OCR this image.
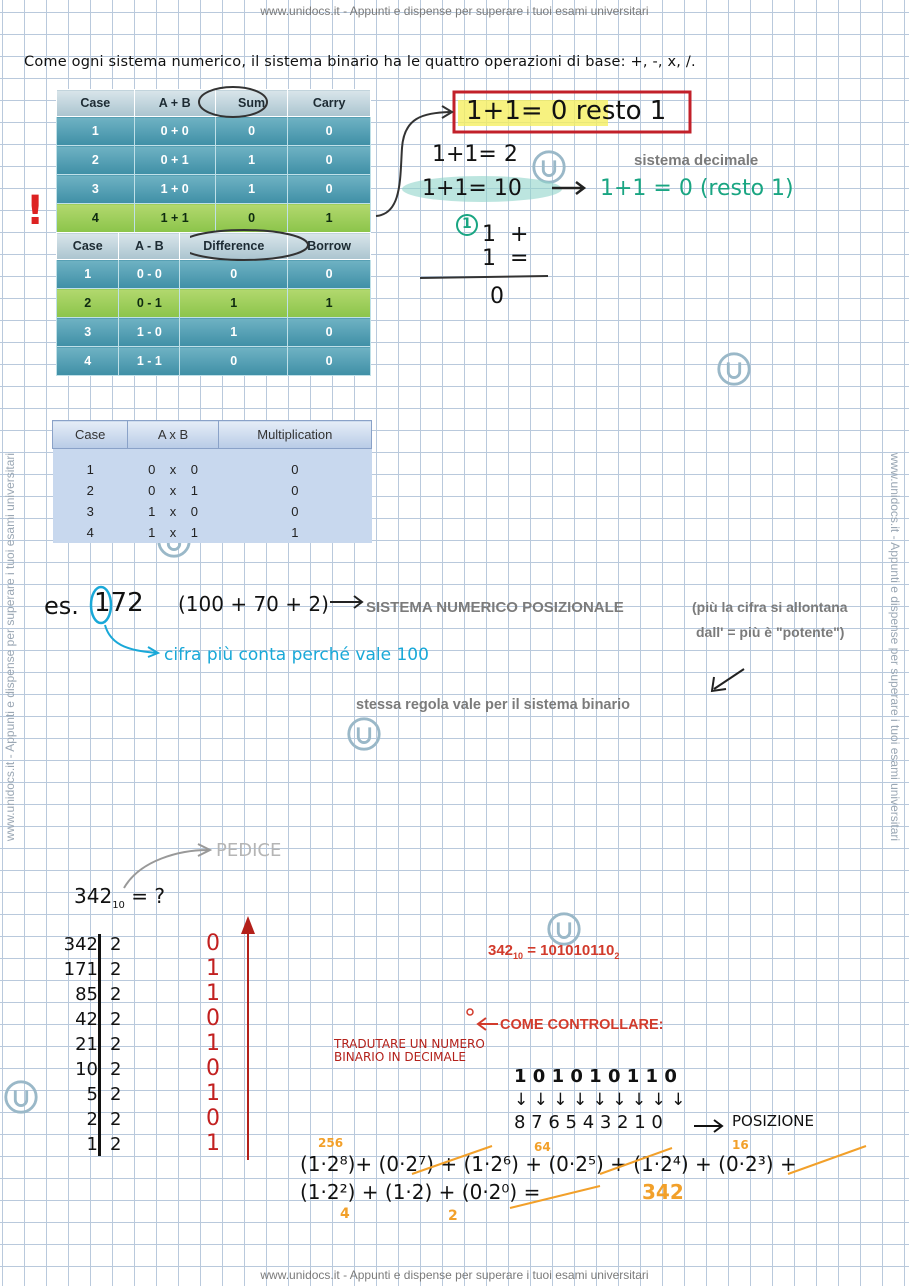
www.unidocs.it - Appunti e dispense per superare i tuoi esami universitari
www.unidocs.it - Appunti e dispense per superare i tuoi esami universitari
www.unidocs.it - Appunti e dispense per superare i tuoi esami universitari	www.unidocs.it - Appunti e dispense per superare i tuoi esami universitari
Come ogni sistema numerico, il sistema binario ha le quattro operazioni di base: +, -, x, /.
Case	A + B	Sum	Carry
1	0 + 0	0	0
2	0 + 1	1	0
3	1 + 0	1	0
4	1 + 1	0	1
Case	A - B	Difference	Borrow
1	0 - 0	0	0
2	0 - 1	1	1
3	1 - 0	1	0
4	1 - 1	0	0
!
Case	A x B	Multiplication

1	0    x    0	0
2	0    x    1	0
3	1    x    0	0
4	1    x    1	1
1+1= 0 resto 1
1+1= 2
1+1= 10
sistema decimale
1+1 = 0 (resto 1)
1 1  +
1  =
0
es. 172 (100 + 70 + 2) SISTEMA NUMERICO POSIZIONALE	(più la cifra si allontana
dall' = più è "potente")
cifra più conta perché vale 100
stessa regola vale per il sistema binario
PEDICE
$342_{10}$ = ?
342 2	0
171 2	1
85 2	1
42 2	0
21 2	1
10 2	0
5 2	1
2 2	0
1 2	1
$342_{10} = 101010110_2$
COME CONTROLLARE:
TRADUTARE UN NUMERO BINARIO IN DECIMALE
1 0 1 0 1 0 1 1 0
↓ ↓ ↓ ↓ ↓ ↓ ↓ ↓ ↓
8 7 6 5 4 3 2 1 0	POSIZIONE
256	64	16
(1·2⁸)+ (0·2⁷) + (1·2⁶) + (0·2⁵) + (1·2⁴) + (0·2³) +
(1·2²) + (1·2) + (0·2⁰) =	342
4	2
